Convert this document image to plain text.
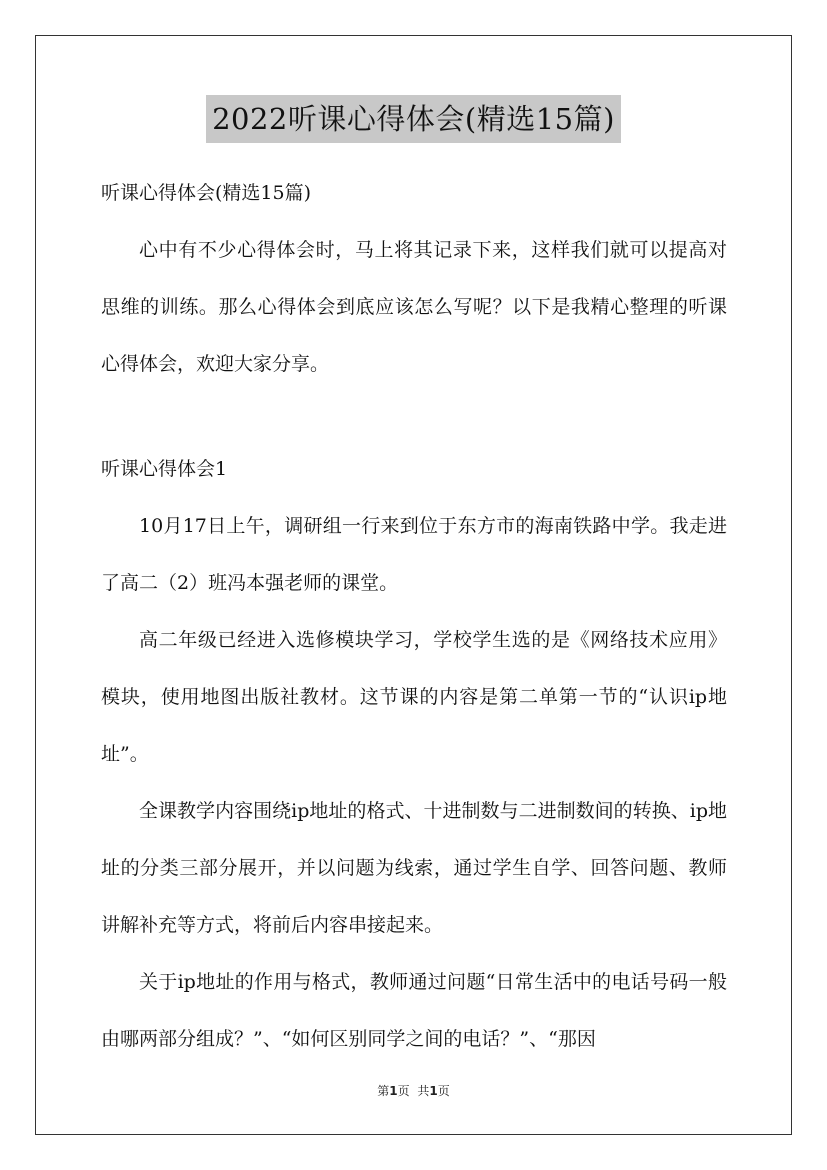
2022听课心得体会(精选15篇)

听课心得体会(精选15篇)

心中有不少心得体会时，马上将其记录下来，这样我们就可以提高对思维的训练。那么心得体会到底应该怎么写呢？以下是我精心整理的听课心得体会，欢迎大家分享。

听课心得体会1

10月17日上午，调研组一行来到位于东方市的海南铁路中学。我走进了高二（2）班冯本强老师的课堂。

高二年级已经进入选修模块学习，学校学生选的是《网络技术应用》模块，使用地图出版社教材。这节课的内容是第二单第一节的“认识ip地址”。

全课教学内容围绕ip地址的格式、十进制数与二进制数间的转换、ip地址的分类三部分展开，并以问题为线索，通过学生自学、回答问题、教师讲解补充等方式，将前后内容串接起来。

关于ip地址的作用与格式，教师通过问题“日常生活中的电话号码一般由哪两部分组成？”、“如何区别同学之间的电话？”、“那因

第1页 共1页
